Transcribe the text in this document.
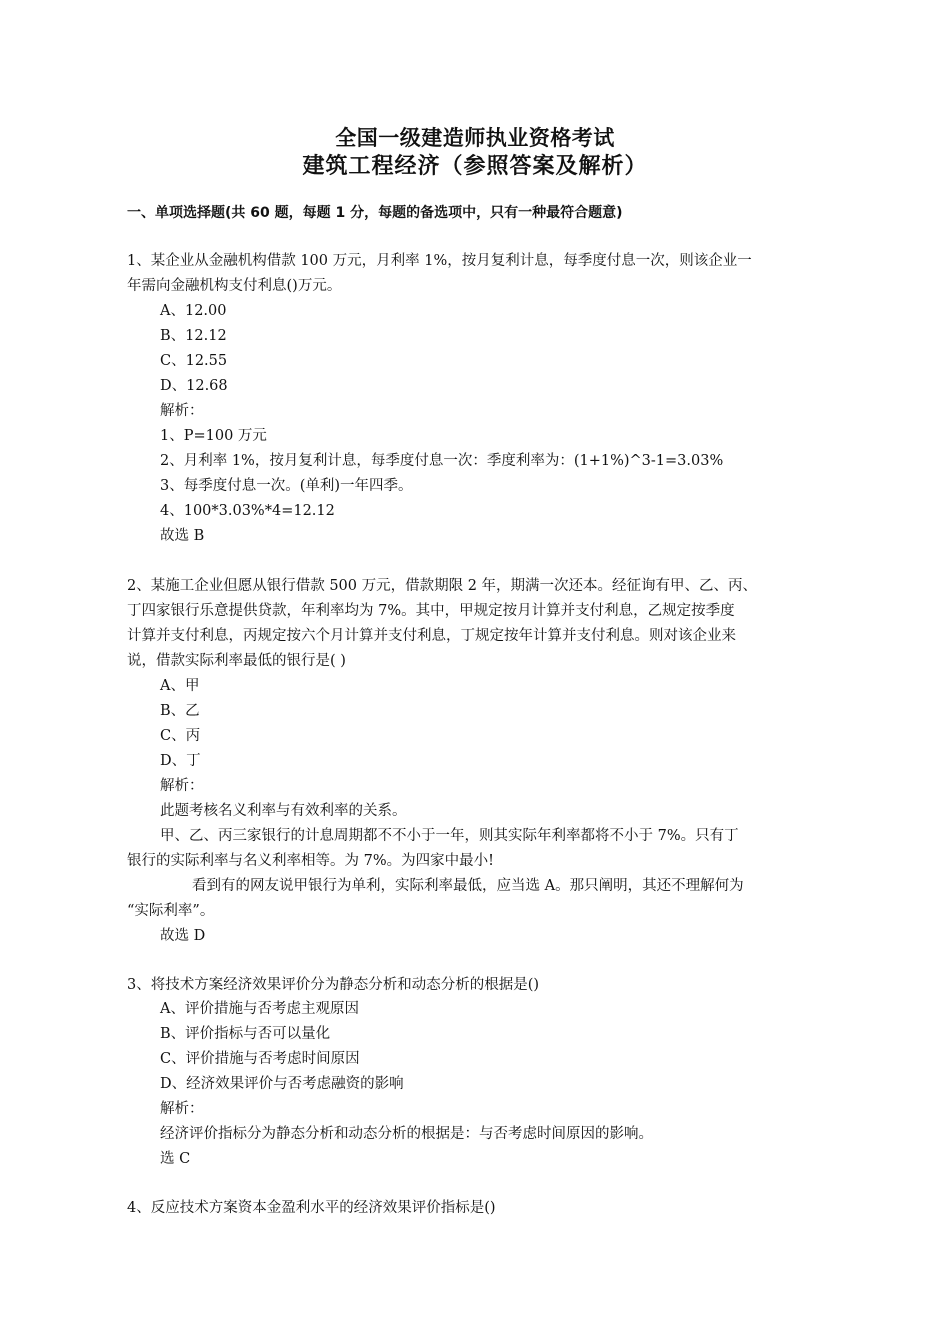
全国一级建造师执业资格考试
建筑工程经济（参照答案及解析）
一、单项选择题(共 60 题，每题 1 分，每题的备选项中，只有一种最符合题意)
1、某企业从金融机构借款 100 万元，月利率 1%，按月复利计息，每季度付息一次，则该企业一
年需向金融机构支付利息()万元。
A、12.00
B、12.12
C、12.55
D、12.68
解析：
1、P=100 万元
2、月利率 1%，按月复利计息，每季度付息一次：季度利率为：(1+1%)^3-1=3.03%
3、每季度付息一次。(单利)一年四季。
4、100*3.03%*4=12.12
故选 B
2、某施工企业但愿从银行借款 500 万元，借款期限 2 年，期满一次还本。经征询有甲、乙、丙、
丁四家银行乐意提供贷款，年利率均为 7%。其中，甲规定按月计算并支付利息，乙规定按季度
计算并支付利息，丙规定按六个月计算并支付利息，丁规定按年计算并支付利息。则对该企业来
说，借款实际利率最低的银行是( )
A、甲
B、乙
C、丙
D、丁
解析：
此题考核名义利率与有效利率的关系。
甲、乙、丙三家银行的计息周期都不不小于一年，则其实际年利率都将不小于 7%。只有丁
银行的实际利率与名义利率相等。为 7%。为四家中最小!
看到有的网友说甲银行为单利，实际利率最低，应当选 A。那只阐明，其还不理解何为
“实际利率”。
故选 D
3、将技术方案经济效果评价分为静态分析和动态分析的根据是()
A、评价措施与否考虑主观原因
B、评价指标与否可以量化
C、评价措施与否考虑时间原因
D、经济效果评价与否考虑融资的影响
解析：
经济评价指标分为静态分析和动态分析的根据是：与否考虑时间原因的影响。
选 C
4、反应技术方案资本金盈利水平的经济效果评价指标是()
